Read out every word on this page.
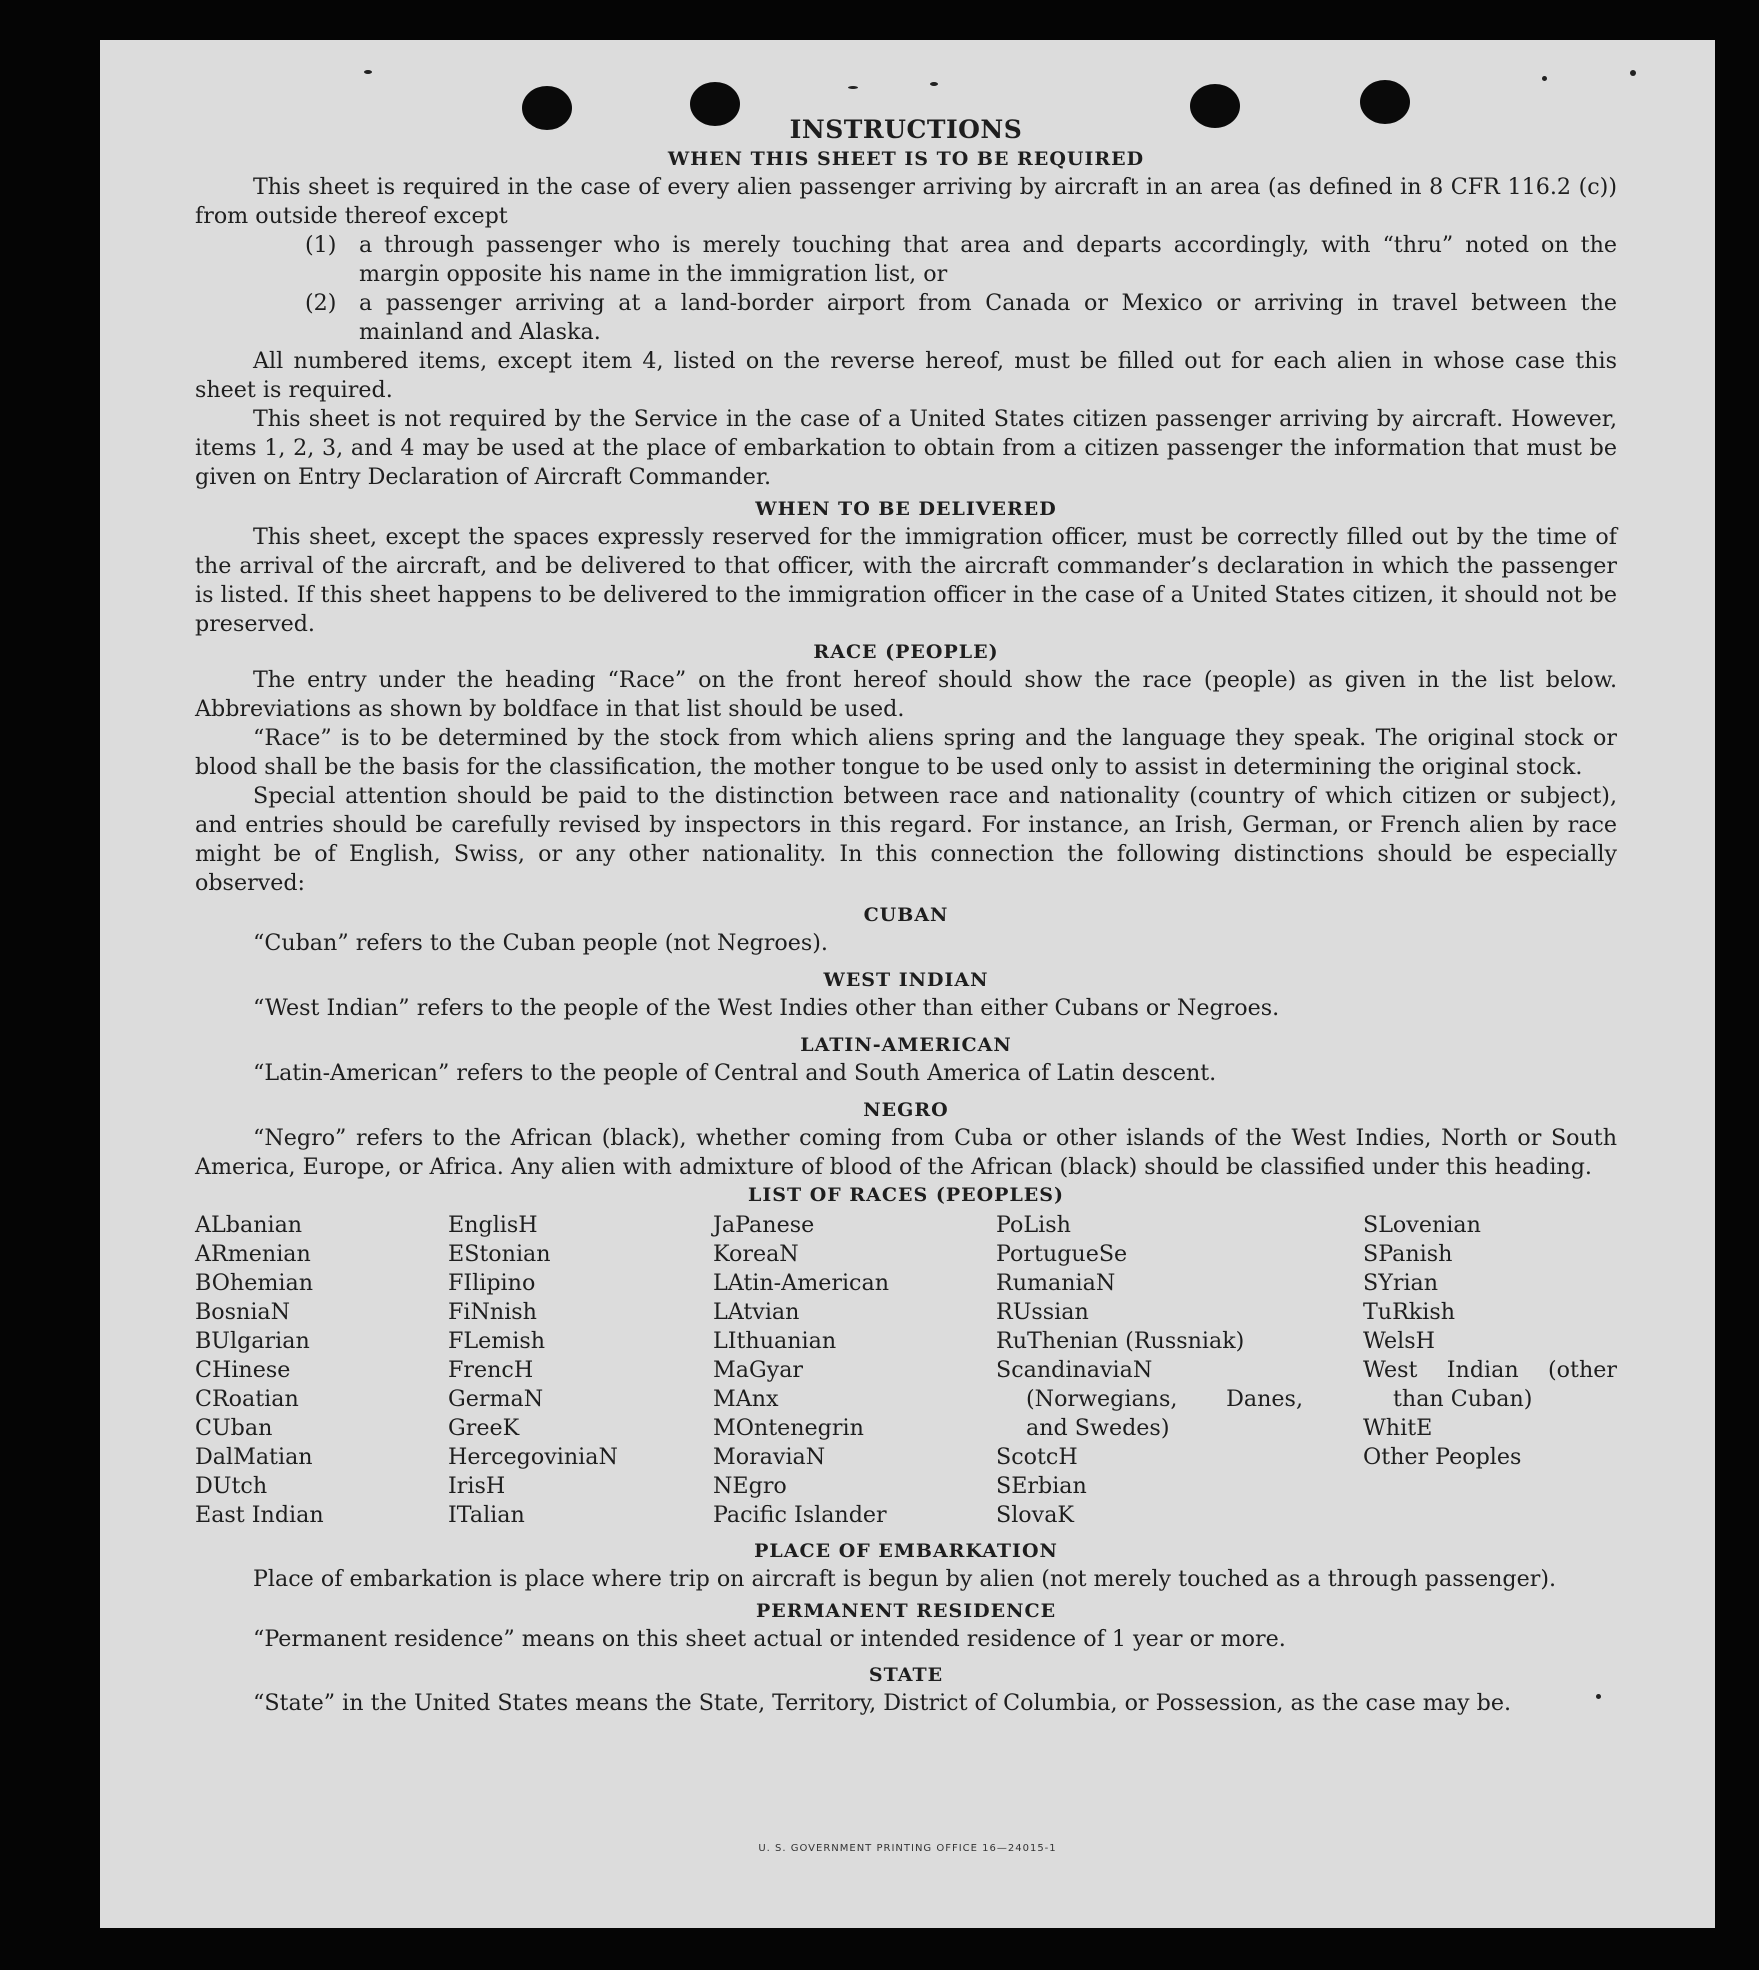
INSTRUCTIONS
WHEN THIS SHEET IS TO BE REQUIRED

This sheet is required in the case of every alien passenger arriving by aircraft in an area (as defined in 8 CFR 116.2 (c)) from outside thereof except

(1)	a through passenger who is merely touching that area and departs accordingly, with “thru” noted on the margin opposite his name in the immigration list, or
(2)	a passenger arriving at a land-border airport from Canada or Mexico or arriving in travel between the mainland and Alaska.

All numbered items, except item 4, listed on the reverse hereof, must be filled out for each alien in whose case this sheet is required.

This sheet is not required by the Service in the case of a United States citizen passenger arriving by aircraft. However, items 1, 2, 3, and 4 may be used at the place of embarkation to obtain from a citizen passenger the information that must be given on Entry Declaration of Aircraft Commander.

WHEN TO BE DELIVERED

This sheet, except the spaces expressly reserved for the immigration officer, must be correctly filled out by the time of the arrival of the aircraft, and be delivered to that officer, with the aircraft commander’s declaration in which the passenger is listed. If this sheet happens to be delivered to the immigration officer in the case of a United States citizen, it should not be preserved.

RACE (PEOPLE)

The entry under the heading “Race” on the front hereof should show the race (people) as given in the list below. Abbreviations as shown by boldface in that list should be used.

“Race” is to be determined by the stock from which aliens spring and the language they speak. The original stock or blood shall be the basis for the classification, the mother tongue to be used only to assist in determining the original stock.

Special attention should be paid to the distinction between race and nationality (country of which citizen or subject), and entries should be carefully revised by inspectors in this regard. For instance, an Irish, German, or French alien by race might be of English, Swiss, or any other nationality. In this connection the following distinctions should be especially observed:

CUBAN

“Cuban” refers to the Cuban people (not Negroes).

WEST INDIAN

“West Indian” refers to the people of the West Indies other than either Cubans or Negroes.

LATIN-AMERICAN

“Latin-American” refers to the people of Central and South America of Latin descent.

NEGRO

“Negro” refers to the African (black), whether coming from Cuba or other islands of the West Indies, North or South America, Europe, or Africa. Any alien with admixture of blood of the African (black) should be classified under this heading.

LIST OF RACES (PEOPLES)
ALbanian
ARmenian
BOhemian
BosniaN
BUlgarian
CHinese
CRoatian
CUban
DalMatian
DUtch
East Indian
EnglisH
EStonian
FIlipino
FiNnish
FLemish
FrencH
GermaN
GreeK
HercegoviniaN
IrisH
ITalian
JaPanese
KoreaN
LAtin-American
LAtvian
LIthuanian
MaGyar
MAnx
MOntenegrin
MoraviaN
NEgro
Pacific Islander
PoLish
PortugueSe
RumaniaN
RUssian
RuThenian (Russniak)
ScandinaviaN (Norwegians, Danes, and Swedes)
ScotcH
SErbian
SlovaK
SLovenian
SPanish
SYrian
TuRkish
WelsH
West Indian (other than Cuban)
WhitE
Other Peoples
PLACE OF EMBARKATION

Place of embarkation is place where trip on aircraft is begun by alien (not merely touched as a through passenger).

PERMANENT RESIDENCE

“Permanent residence” means on this sheet actual or intended residence of 1 year or more.

STATE

“State” in the United States means the State, Territory, District of Columbia, or Possession, as the case may be.

U. S. GOVERNMENT PRINTING OFFICE 16—24015-1
